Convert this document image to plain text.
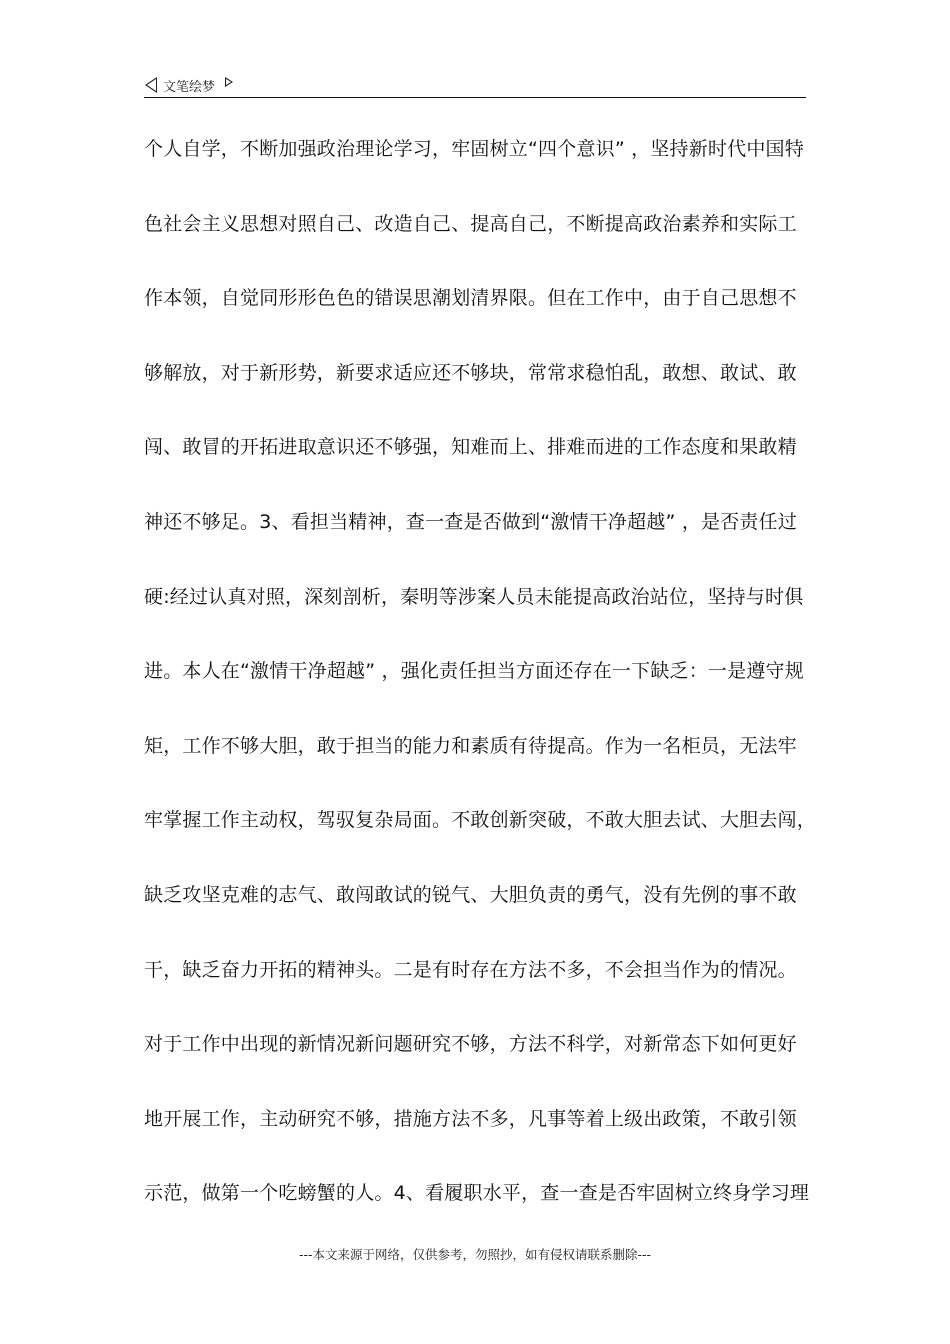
文笔绘梦
个人自学，不断加强政治理论学习，牢固树立“四个意识” ，坚持新时代中国特
色社会主义思想对照自己、改造自己、提高自己，不断提高政治素养和实际工
作本领，自觉同形形色色的错误思潮划清界限。但在工作中，由于自己思想不
够解放，对于新形势，新要求适应还不够块，常常求稳怕乱，敢想、敢试、敢
闯、敢冒的开拓进取意识还不够强，知难而上、排难而进的工作态度和果敢精
神还不够足。3、看担当精神，查一查是否做到“激情干净超越” ，是否责任过
硬:经过认真对照，深刻剖析，秦明等涉案人员未能提高政治站位，坚持与时俱
进。本人在“激情干净超越” ，强化责任担当方面还存在一下缺乏：一是遵守规
矩，工作不够大胆，敢于担当的能力和素质有待提高。作为一名柜员，无法牢
牢掌握工作主动权，驾驭复杂局面。不敢创新突破，不敢大胆去试、大胆去闯，
缺乏攻坚克难的志气、敢闯敢试的锐气、大胆负责的勇气，没有先例的事不敢
干，缺乏奋力开拓的精神头。二是有时存在方法不多，不会担当作为的情况。
对于工作中出现的新情况新问题研究不够，方法不科学，对新常态下如何更好
地开展工作，主动研究不够，措施方法不多，凡事等着上级出政策，不敢引领
示范，做第一个吃螃蟹的人。4、看履职水平，查一查是否牢固树立终身学习理
---本文来源于网络，仅供参考，勿照抄，如有侵权请联系删除---
